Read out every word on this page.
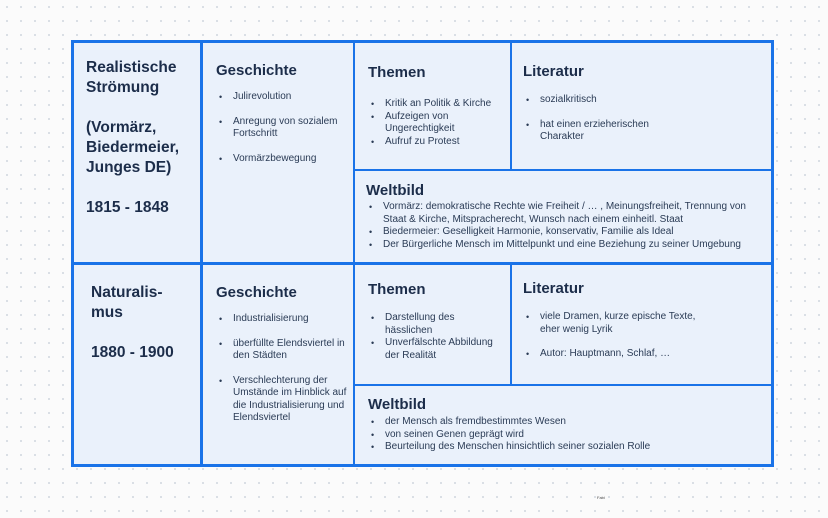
Realistische
Strömung

(Vormärz,
Biedermeier,
Junges DE)

1815 - 1848
Geschichte
• Julirevolution
• Anregung von sozialem Fortschritt
• Vormärzbewegung
Themen
• Kritik an Politik & Kirche
• Aufzeigen von Ungerechtigkeit
• Aufruf zu Protest
Literatur
• sozialkritisch
• hat einen erzieherischen Charakter
Weltbild
• Vormärz: demokratische Rechte wie Freiheit / … , Meinungsfreiheit, Trennung von Staat & Kirche, Mitspracherecht, Wunsch nach einem einheitl. Staat
• Biedermeier: Geselligkeit Harmonie, konservativ, Familie als Ideal
• Der Bürgerliche Mensch im Mittelpunkt und eine Beziehung zu seiner Umgebung
Naturalis-
mus

1880 - 1900
Geschichte
• Industrialisierung
• überfüllte Elendsviertel in den Städten
• Verschlechterung der Umstände im Hinblick auf die Industrialisierung und Elendsviertel
Themen
• Darstellung des hässlichen
• Unverfälschte Abbildung der Realität
Literatur
• viele Dramen, kurze epische Texte, eher wenig Lyrik
• Autor: Hauptmann, Schlaf, …
Weltbild
• der Mensch als fremdbestimmtes Wesen
• von seinen Genen geprägt wird
• Beurteilung des Menschen hinsichtlich seiner sozialen Rolle
Fabi
